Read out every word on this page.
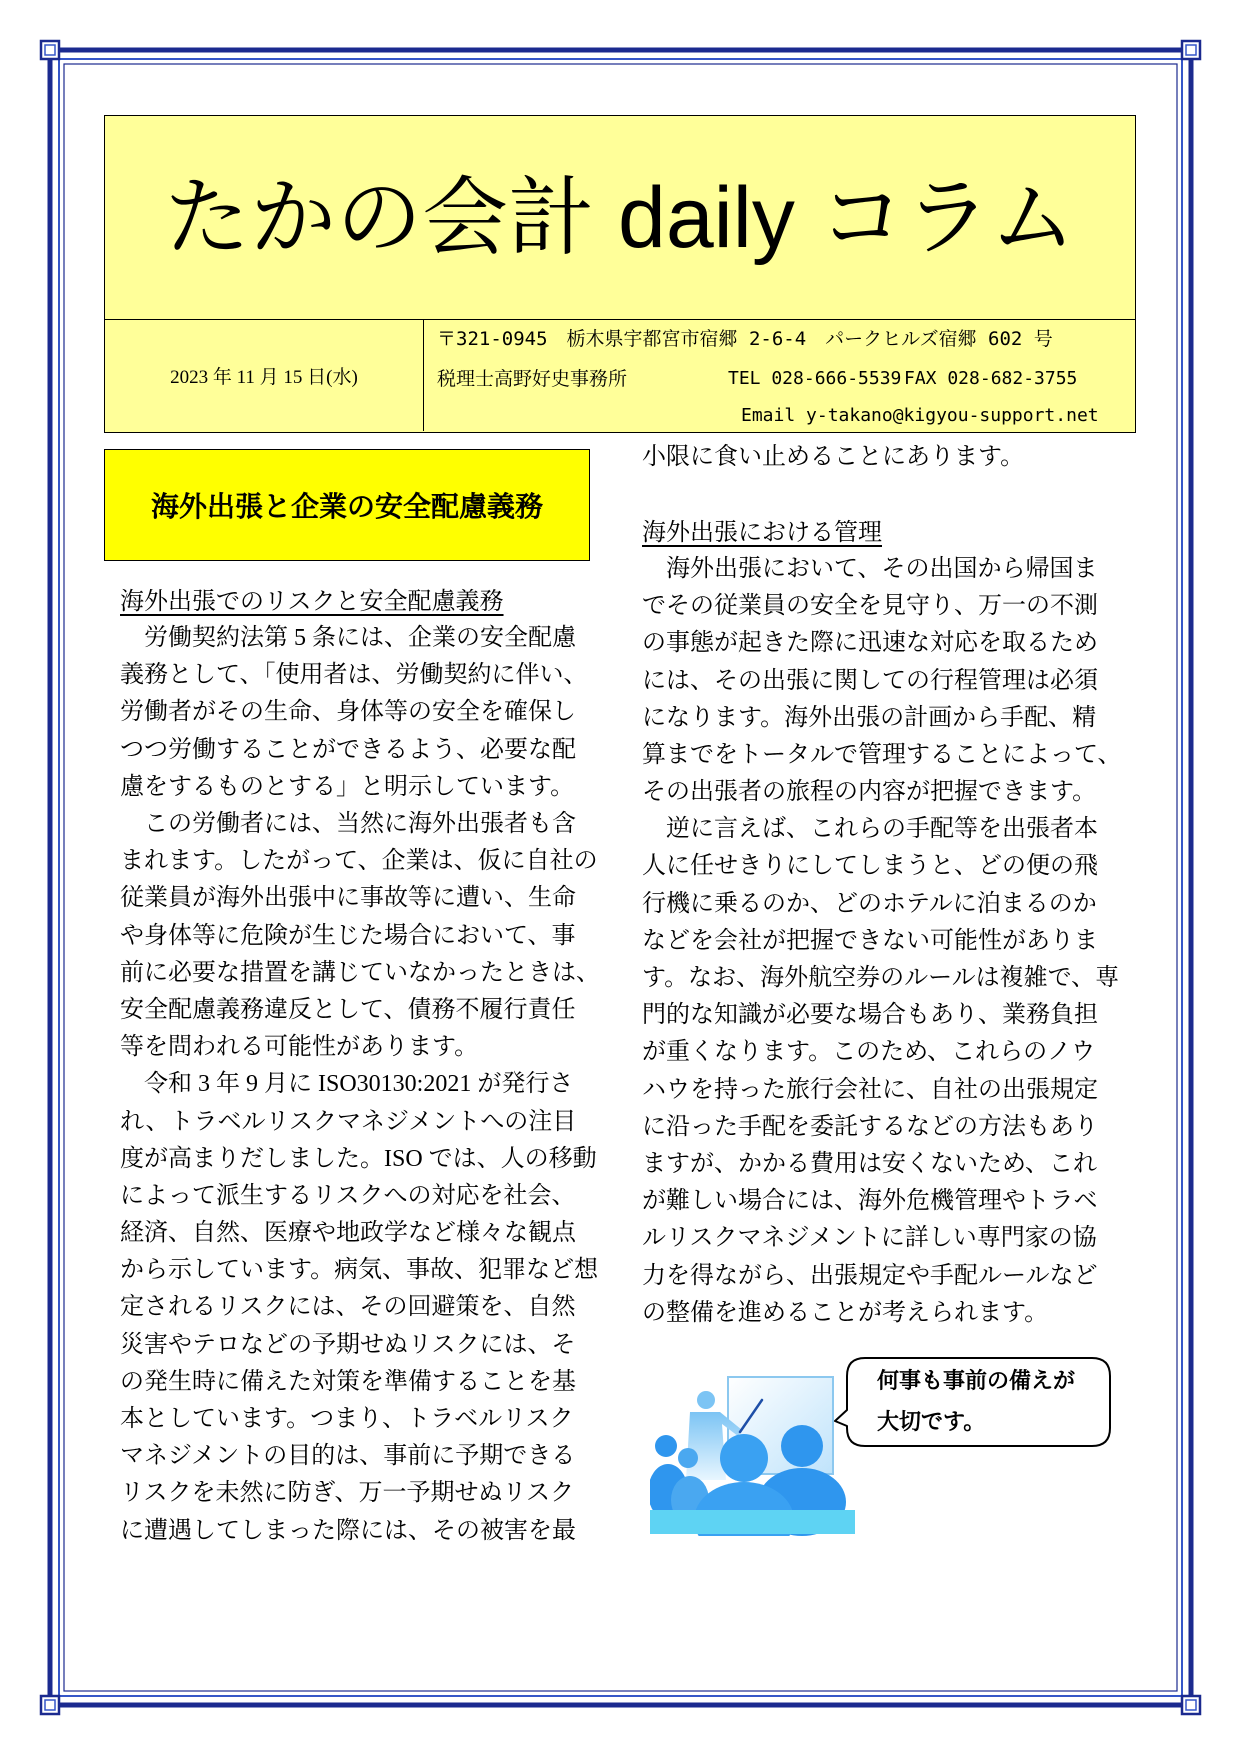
たかの会計 daily コラム
2023 年 11 月 15 日(水)
〒321-0945　栃木県宇都宮市宿郷 2-6-4　パークヒルズ宿郷 602 号
税理士高野好史事務所	TEL 028-666-5539 FAX 028-682-3755
Email y-takano@kigyou-support.net
海外出張と企業の安全配慮義務
海外出張でのリスクと安全配慮義務
　労働契約法第 5 条には、企業の安全配慮
義務として、「使用者は、労働契約に伴い、
労働者がその生命、身体等の安全を確保し
つつ労働することができるよう、必要な配
慮をするものとする」と明示しています。
　この労働者には、当然に海外出張者も含
まれます。したがって、企業は、仮に自社の
従業員が海外出張中に事故等に遭い、生命
や身体等に危険が生じた場合において、事
前に必要な措置を講じていなかったときは、
安全配慮義務違反として、債務不履行責任
等を問われる可能性があります。
　令和 3 年 9 月に ISO30130:2021 が発行さ
れ、トラベルリスクマネジメントへの注目
度が高まりだしました。ISO では、人の移動
によって派生するリスクへの対応を社会、
経済、自然、医療や地政学など様々な観点
から示しています。病気、事故、犯罪など想
定されるリスクには、その回避策を、自然
災害やテロなどの予期せぬリスクには、そ
の発生時に備えた対策を準備することを基
本としています。つまり、トラベルリスク
マネジメントの目的は、事前に予期できる
リスクを未然に防ぎ、万一予期せぬリスク
に遭遇してしまった際には、その被害を最
小限に食い止めることにあります。
海外出張における管理
　海外出張において、その出国から帰国ま
でその従業員の安全を見守り、万一の不測
の事態が起きた際に迅速な対応を取るため
には、その出張に関しての行程管理は必須
になります。海外出張の計画から手配、精
算までをトータルで管理することによって、
その出張者の旅程の内容が把握できます。
　逆に言えば、これらの手配等を出張者本
人に任せきりにしてしまうと、どの便の飛
行機に乗るのか、どのホテルに泊まるのか
などを会社が把握できない可能性がありま
す。なお、海外航空券のルールは複雑で、専
門的な知識が必要な場合もあり、業務負担
が重くなります。このため、これらのノウ
ハウを持った旅行会社に、自社の出張規定
に沿った手配を委託するなどの方法もあり
ますが、かかる費用は安くないため、これ
が難しい場合には、海外危機管理やトラベ
ルリスクマネジメントに詳しい専門家の協
力を得ながら、出張規定や手配ルールなど
の整備を進めることが考えられます。
何事も事前の備えが
大切です。
